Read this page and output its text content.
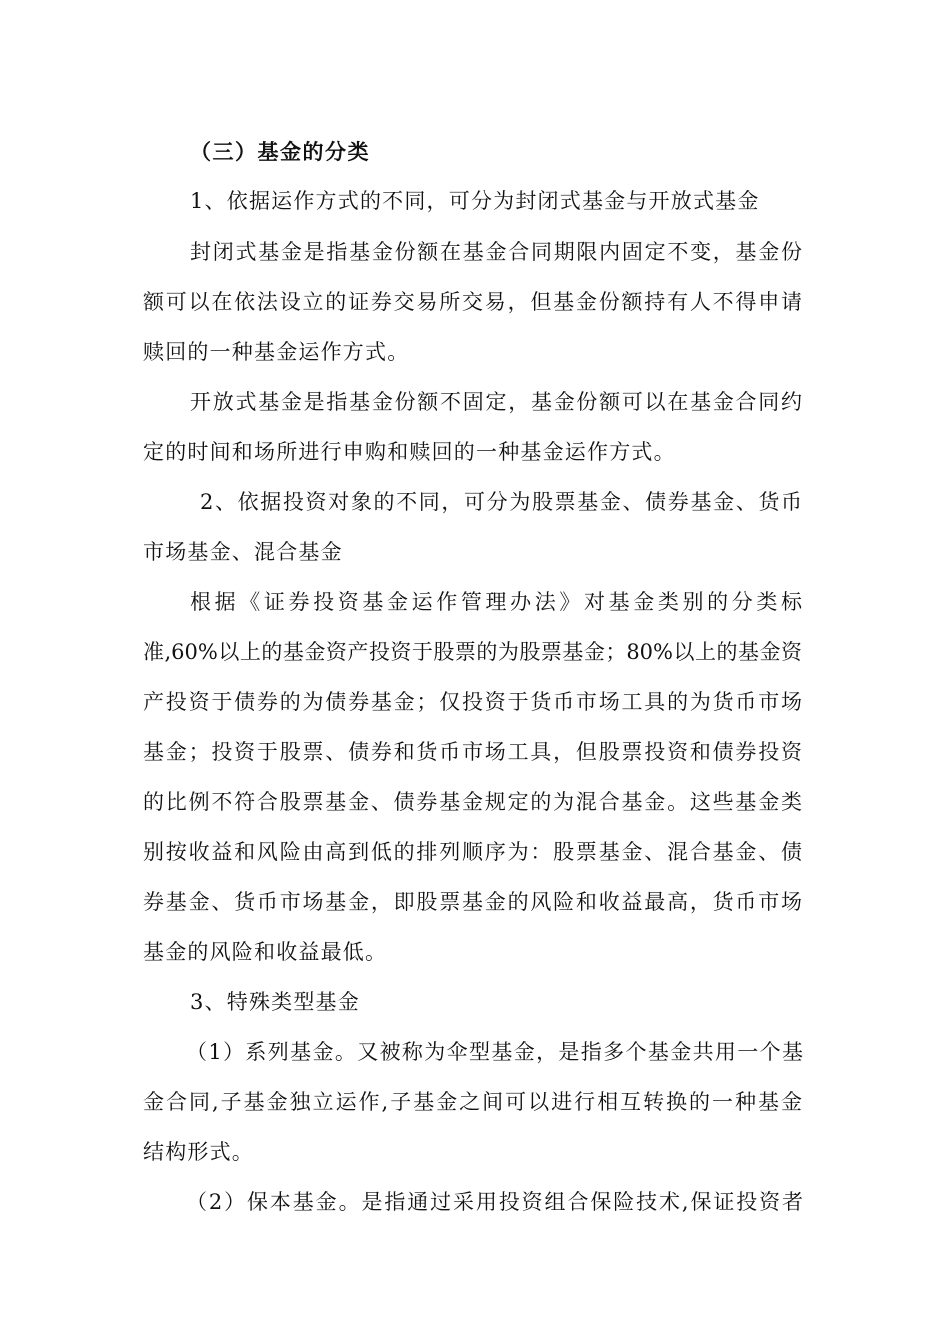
（三）基金的分类
1、依据运作方式的不同，可分为封闭式基金与开放式基金
封闭式基金是指基金份额在基金合同期限内固定不变，基金份
额可以在依法设立的证券交易所交易，但基金份额持有人不得申请
赎回的一种基金运作方式。
开放式基金是指基金份额不固定，基金份额可以在基金合同约
定的时间和场所进行申购和赎回的一种基金运作方式。
2、依据投资对象的不同，可分为股票基金、债券基金、货币
市场基金、混合基金
根据《证券投资基金运作管理办法》对基金类别的分类标
准,60%以上的基金资产投资于股票的为股票基金；80%以上的基金资
产投资于债券的为债券基金；仅投资于货币市场工具的为货币市场
基金；投资于股票、债券和货币市场工具，但股票投资和债券投资
的比例不符合股票基金、债券基金规定的为混合基金。这些基金类
别按收益和风险由高到低的排列顺序为：股票基金、混合基金、债
券基金、货币市场基金，即股票基金的风险和收益最高，货币市场
基金的风险和收益最低。
3、特殊类型基金
（1）系列基金。又被称为伞型基金，是指多个基金共用一个基
金合同,子基金独立运作,子基金之间可以进行相互转换的一种基金
结构形式。
（2）保本基金。是指通过采用投资组合保险技术,保证投资者
